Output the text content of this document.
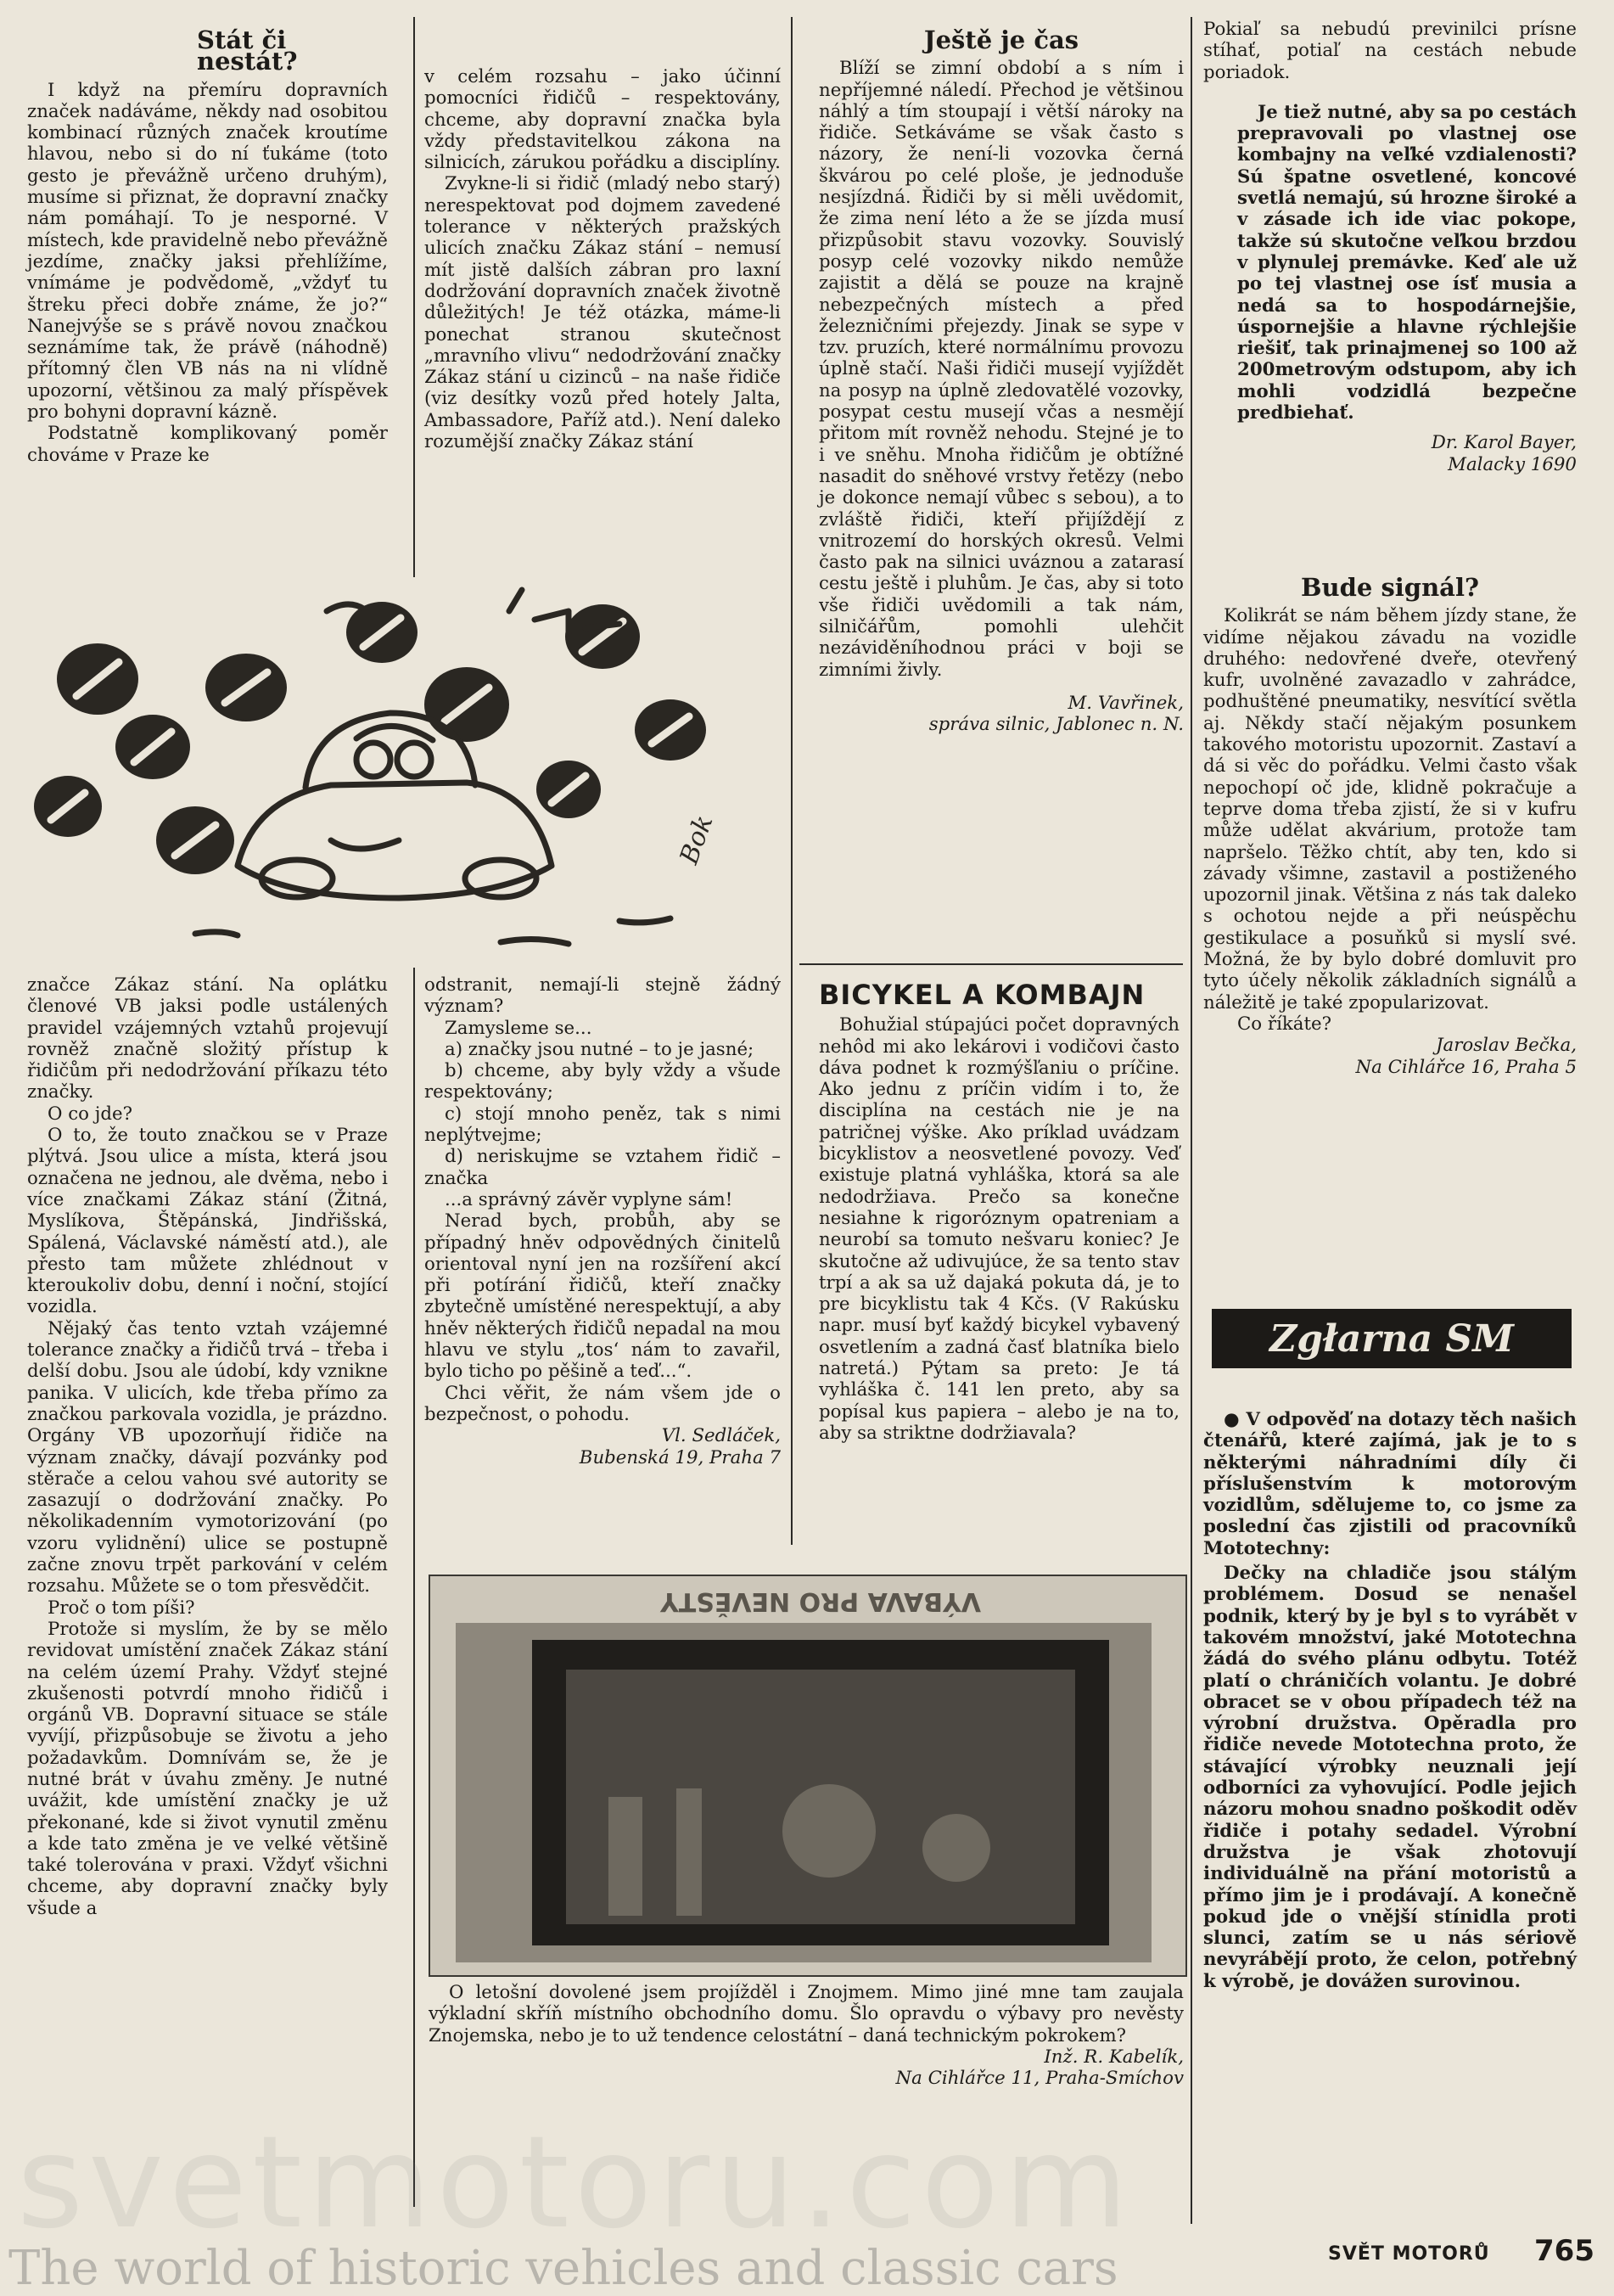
Stát či nestát?

I když na přemíru dopravních značek nadáváme, někdy nad osobitou kombinací různých značek kroutíme hlavou, nebo si do ní ťukáme (toto gesto je převážně určeno druhým), musíme si přiznat, že dopravní značky nám pomáhají. To je nesporné. V místech, kde pravidelně nebo převážně jezdíme, značky jaksi přehlížíme, vnímáme je podvědomě, „vždyť tu štreku přeci dobře známe, že jo?“ Nanejvýše se s právě novou značkou seznámíme tak, že právě (náhodně) přítomný člen VB nás na ni vlídně upozorní, většinou za malý příspěvek pro bohyni dopravní kázně.

Podstatně komplikovaný poměr chováme v Praze ke

v celém rozsahu – jako účinní pomocníci řidičů – respektovány, chceme, aby dopravní značka byla vždy představitelkou zákona na silnicích, zárukou pořádku a disciplíny.

Zvykne-li si řidič (mladý nebo starý) nerespektovat pod dojmem zavedené tolerance v některých pražských ulicích značku Zákaz stání – nemusí mít jistě dalších zábran pro laxní dodržování dopravních značek životně důležitých! Je též otázka, máme-li ponechat stranou skutečnost „mravního vlivu“ nedodržování značky Zákaz stání u cizinců – na naše řidiče (viz desítky vozů před hotely Jalta, Ambassadore, Paříž atd.). Není daleko rozumější značky Zákaz stání

Bok

značce Zákaz stání. Na oplátku členové VB jaksi podle ustálených pravidel vzájemných vztahů projevují rovněž značně složitý přístup k řidičům při nedodržování příkazu této značky.

O co jde?

O to, že touto značkou se v Praze plýtvá. Jsou ulice a místa, která jsou označena ne jednou, ale dvěma, nebo i více značkami Zákaz stání (Žitná, Myslíkova, Štěpánská, Jindřišská, Spálená, Václavské náměstí atd.), ale přesto tam můžete zhlédnout v kteroukoliv dobu, denní i noční, stojící vozidla.

Nějaký čas tento vztah vzájemné tolerance značky a řidičů trvá – třeba i delší dobu. Jsou ale údobí, kdy vznikne panika. V ulicích, kde třeba přímo za značkou parkovala vozidla, je prázdno. Orgány VB upozorňují řidiče na význam značky, dávají pozvánky pod stěrače a celou vahou své autority se zasazují o dodržování značky. Po několikadenním vymotorizování (po vzoru vylidnění) ulice se postupně začne znovu trpět parkování v celém rozsahu. Můžete se o tom přesvědčit.

Proč o tom píši?

Protože si myslím, že by se mělo revidovat umístění značek Zákaz stání na celém území Prahy. Vždyť stejné zkušenosti potvrdí mnoho řidičů i orgánů VB. Dopravní situace se stále vyvíjí, přizpůsobuje se životu a jeho požadavkům. Domnívám se, že je nutné brát v úvahu změny. Je nutné uvážit, kde umístění značky je už překonané, kde si život vynutil změnu a kde tato změna je ve velké většině také tolerována v praxi. Vždyť všichni chceme, aby dopravní značky byly všude a

odstranit, nemají-li stejně žádný význam?

Zamysleme se...

a) značky jsou nutné – to je jasné;

b) chceme, aby byly vždy a všude respektovány;

c) stojí mnoho peněz, tak s nimi neplýtvejme;

d) neriskujme se vztahem řidič – značka

...a správný závěr vyplyne sám!

Nerad bych, probůh, aby se případný hněv odpovědných činitelů orientoval nyní jen na rozšíření akcí při potírání řidičů, kteří značky zbytečně umístěné nerespektují, a aby hněv některých řidičů nepadal na mou hlavu ve stylu „tos‘ nám to zavařil, bylo ticho po pěšině a teď...“.

Chci věřit, že nám všem jde o bezpečnost, o pohodu.

Vl. Sedláček,

Bubenská 19, Praha 7

Ještě je čas

Blíží se zimní období a s ním i nepříjemné náledí. Přechod je většinou náhlý a tím stoupají i větší nároky na řidiče. Setkáváme se však často s názory, že není-li vozovka černá škvárou po celé ploše, je jednoduše nesjízdná. Řidiči by si měli uvědomit, že zima není léto a že se jízda musí přizpůsobit stavu vozovky. Souvislý posyp celé vozovky nikdo nemůže zajistit a dělá se pouze na krajně nebezpečných místech a před železničními přejezdy. Jinak se sype v tzv. pruzích, které normálnímu provozu úplně stačí. Naši řidiči musejí vyjíždět na posyp na úplně zledovatělé vozovky, posypat cestu musejí včas a nesmějí přitom mít rovněž nehodu. Stejné je to i ve sněhu. Mnoha řidičům je obtížné nasadit do sněhové vrstvy řetězy (nebo je dokonce nemají vůbec s sebou), a to zvláště řidiči, kteří přijíždějí z vnitrozemí do horských okresů. Velmi často pak na silnici uváznou a zatarasí cestu ještě i pluhům. Je čas, aby si toto vše řidiči uvědomili a tak nám, silničářům, pomohli ulehčit nezáviděníhodnou práci v boji se zimními živly.

M. Vavřinek,

správa silnic, Jablonec n. N.

BICYKEL A KOMBAJN

Bohužial stúpajúci počet dopravných nehôd mi ako lekárovi i vodičovi často dáva podnet k rozmýšľaniu o príčine. Ako jednu z príčin vidím i to, že disciplína na cestách nie je na patričnej výške. Ako príklad uvádzam bicyklistov a neosvetlené povozy. Veď existuje platná vyhláška, ktorá sa ale nedodržiava. Prečo sa konečne nesiahne k rigoróznym opatreniam a neurobí sa tomuto nešvaru koniec? Je skutočne až udivujúce, že sa tento stav trpí a ak sa už dajaká pokuta dá, je to pre bicyklistu tak 4 Kčs. (V Rakúsku napr. musí byť každý bicykel vybavený osvetlením a zadná časť blatníka bielo natretá.) Pýtam sa preto: Je tá vyhláška č. 141 len preto, aby sa popísal kus papiera – alebo je na to, aby sa striktne dodržiavala?

Pokiaľ sa nebudú previnilci prísne stíhať, potiaľ na cestách nebude poriadok.

Je tiež nutné, aby sa po cestách prepravovali po vlastnej ose kombajny na veľké vzdialenosti? Sú špatne osvetlené, koncové svetlá nemajú, sú hrozne široké a v zásade ich ide viac pokope, takže sú skutočne veľkou brzdou v plynulej premávke. Keď ale už po tej vlastnej ose ísť musia a nedá sa to hospodárnejšie, úspornejšie a hlavne rýchlejšie riešiť, tak prinajmenej so 100 až 200metrovým odstupom, aby ich mohli vodzidlá bezpečne predbiehať.

Dr. Karol Bayer,

Malacky 1690

Bude signál?

Kolikrát se nám během jízdy stane, že vidíme nějakou závadu na vozidle druhého: nedovřené dveře, otevřený kufr, uvolněné zavazadlo v zahrádce, podhuštěné pneumatiky, nesvítící světla aj. Někdy stačí nějakým posunkem takového motoristu upozornit. Zastaví a dá si věc do pořádku. Velmi často však nepochopí oč jde, klidně pokračuje a teprve doma třeba zjistí, že si v kufru může udělat akvárium, protože tam napršelo. Těžko chtít, aby ten, kdo si závady všimne, zastavil a postiženého upozornil jinak. Většina z nás tak daleko s ochotou nejde a při neúspěchu gestikulace a posuňků si myslí své. Možná, že by bylo dobré domluvit pro tyto účely několik základních signálů a náležitě je také zpopularizovat.

Co říkáte?

Jaroslav Bečka,

Na Cihlářce 16, Praha 5

Zgłarna SM

● V odpověď na dotazy těch našich čtenářů, které zajímá, jak je to s některými náhradními díly či příslušenstvím k motorovým vozidlům, sdělujeme to, co jsme za poslední čas zjistili od pracovníků Mototechny:

Dečky na chladiče jsou stálým problémem. Dosud se nenašel podnik, který by je byl s to vyrábět v takovém množství, jaké Mototechna žádá do svého plánu odbytu. Totéž platí o chráničích volantu. Je dobré obracet se v obou případech též na výrobní družstva. Opěradla pro řidiče nevede Mototechna proto, že stávající výrobky neuznali její odborníci za vyhovující. Podle jejich názoru mohou snadno poškodit oděv řidiče i potahy sedadel. Výrobní družstva je však zhotovují individuálně na přání motoristů a přímo jim je i prodávají. A konečně pokud jde o vnější stínidla proti slunci, zatím se u nás sériově nevyrábějí proto, že celon, potřebný k výrobě, je dovážen surovinou.

VÝBAVA PRO NEVĚSTY

O letošní dovolené jsem projížděl i Znojmem. Mimo jiné mne tam zaujala výkladní skříň místního obchodního domu. Šlo opravdu o výbavy pro nevěsty Znojemska, nebo je to už tendence celostátní – daná technickým pokrokem?

Inž. R. Kabelík,

Na Cihlářce 11, Praha-Smíchov

svetmotoru.com
The world of historic vehicles and classic cars	SVĚT MOTORŮ 765
